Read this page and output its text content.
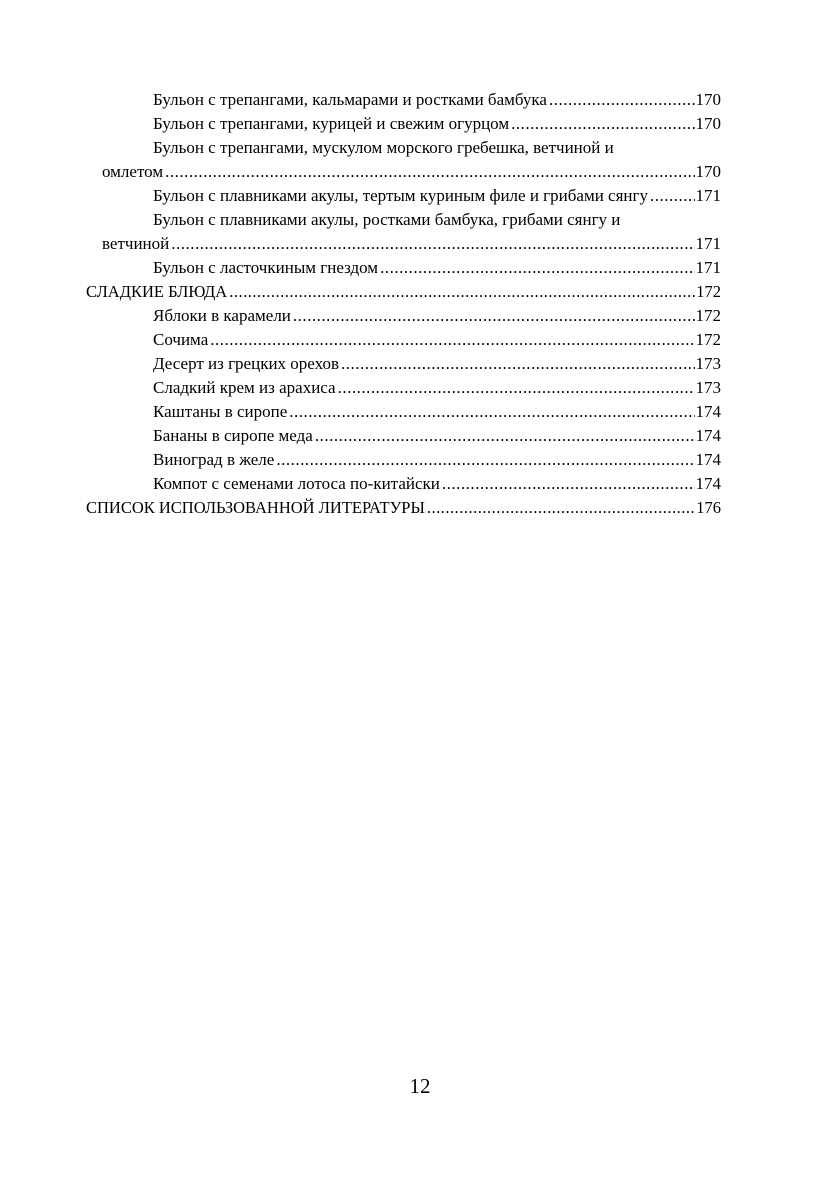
Бульон с трепангами, кальмарами и ростками бамбука .....	170
Бульон с трепангами, курицей и свежим огурцом .....	170
Бульон с трепангами, мускулом морского гребешка, ветчиной и
омлетом .....	170
Бульон с плавниками акулы, тертым куриным филе и грибами сянгу .....	171
Бульон с плавниками акулы, ростками бамбука, грибами сянгу и
ветчиной .....	171
Бульон с ласточкиным гнездом .....	171
СЛАДКИЕ БЛЮДА .....	172
Яблоки в карамели .....	172
Сочима .....	172
Десерт из грецких орехов .....	173
Сладкий крем из арахиса .....	173
Каштаны в сиропе .....	174
Бананы в сиропе меда .....	174
Виноград в желе .....	174
Компот с семенами лотоса по-китайски .....	174
СПИСОК ИСПОЛЬЗОВАННОЙ ЛИТЕРАТУРЫ .....	176
12
